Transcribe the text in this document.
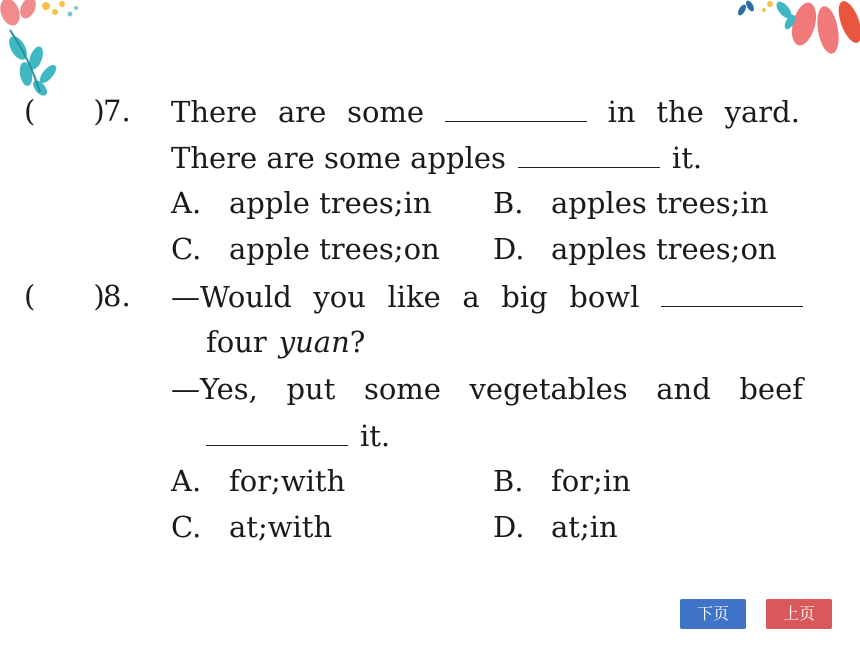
( )
7. There are some	in the yard.
There are some apples	it.
A. apple trees;in B. apples trees;in
C. apple trees;on D. apples trees;on
( )
8. —Would you like a big bowl
four yuan ?
—Yes, put some vegetables and beef
it.
A. for;with	B. for;in
C. at;with	D. at;in
下页	上页
